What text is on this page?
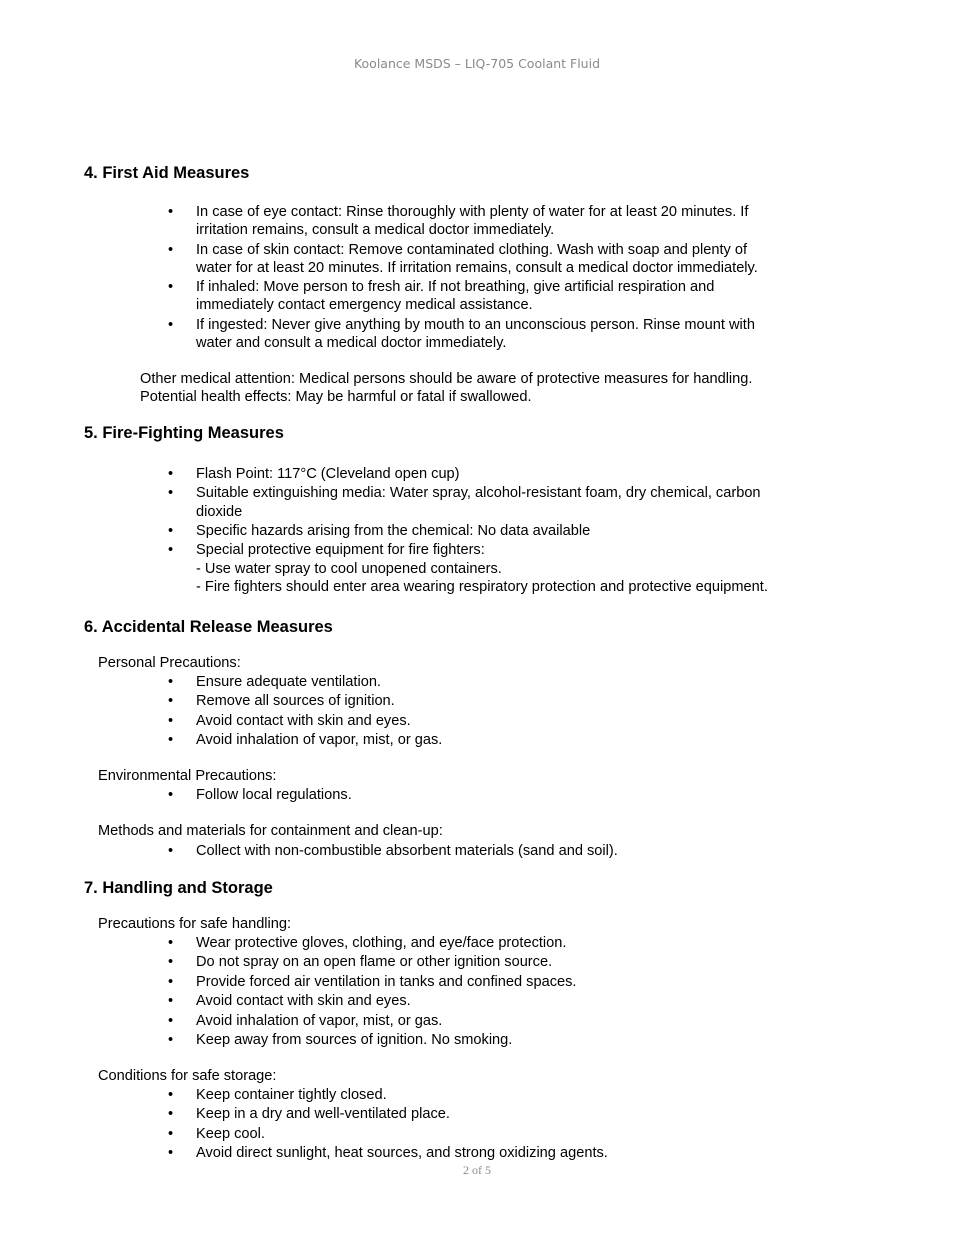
Koolance MSDS – LIQ-705 Coolant Fluid
4. First Aid Measures
• In case of eye contact: Rinse thoroughly with plenty of water for at least 20 minutes. If
irritation remains, consult a medical doctor immediately.
• In case of skin contact: Remove contaminated clothing. Wash with soap and plenty of
water for at least 20 minutes. If irritation remains, consult a medical doctor immediately.
• If inhaled: Move person to fresh air. If not breathing, give artificial respiration and
immediately contact emergency medical assistance.
• If ingested: Never give anything by mouth to an unconscious person. Rinse mount with
water and consult a medical doctor immediately.
Other medical attention: Medical persons should be aware of protective measures for handling.
Potential health effects: May be harmful or fatal if swallowed.
5. Fire-Fighting Measures
• Flash Point: 117°C (Cleveland open cup)
• Suitable extinguishing media: Water spray, alcohol-resistant foam, dry chemical, carbon
dioxide
• Specific hazards arising from the chemical: No data available
• Special protective equipment for fire fighters:
- Use water spray to cool unopened containers.
- Fire fighters should enter area wearing respiratory protection and protective equipment.
6. Accidental Release Measures
Personal Precautions:
• Ensure adequate ventilation.
• Remove all sources of ignition.
• Avoid contact with skin and eyes.
• Avoid inhalation of vapor, mist, or gas.
Environmental Precautions:
• Follow local regulations.
Methods and materials for containment and clean-up:
• Collect with non-combustible absorbent materials (sand and soil).
7. Handling and Storage
Precautions for safe handling:
• Wear protective gloves, clothing, and eye/face protection.
• Do not spray on an open flame or other ignition source.
• Provide forced air ventilation in tanks and confined spaces.
• Avoid contact with skin and eyes.
• Avoid inhalation of vapor, mist, or gas.
• Keep away from sources of ignition. No smoking.
Conditions for safe storage:
• Keep container tightly closed.
• Keep in a dry and well-ventilated place.
• Keep cool.
• Avoid direct sunlight, heat sources, and strong oxidizing agents.
2 of 5
